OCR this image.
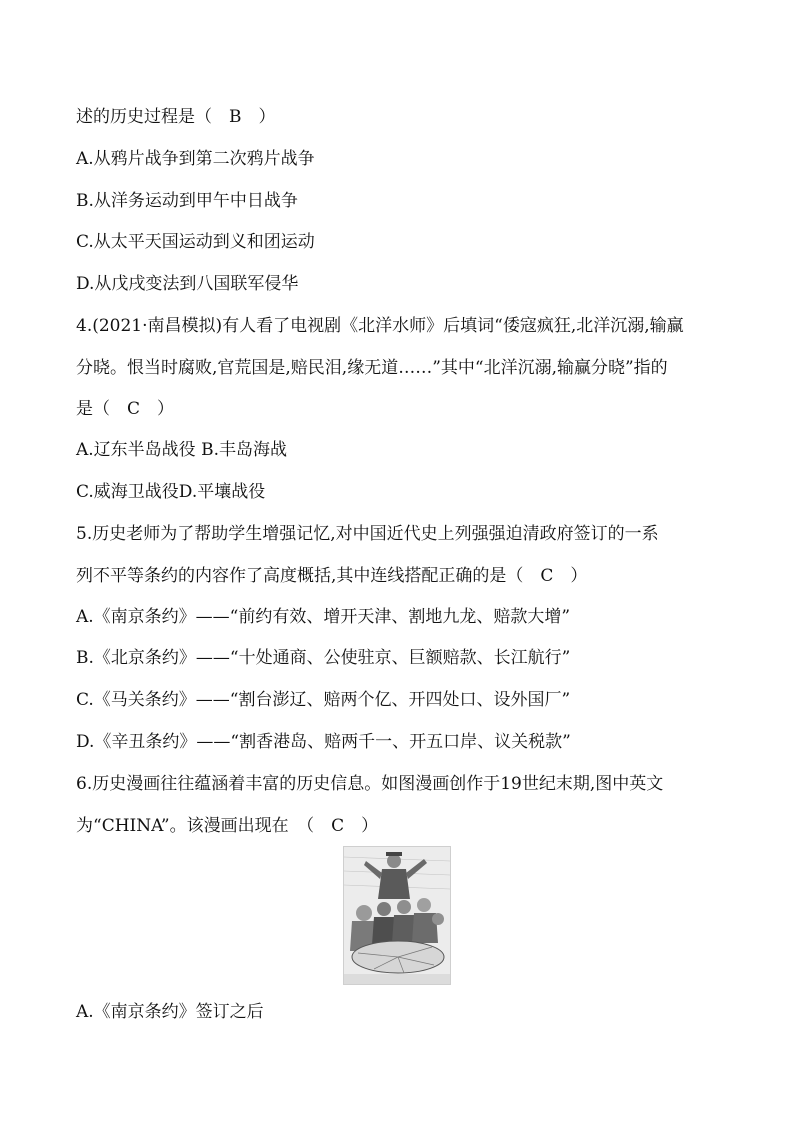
述的历史过程是（　B　）
A.从鸦片战争到第二次鸦片战争
B.从洋务运动到甲午中日战争
C.从太平天国运动到义和团运动
D.从戊戌变法到八国联军侵华
4.(2021·南昌模拟)有人看了电视剧《北洋水师》后填词“倭寇疯狂,北洋沉溺,输赢
分晓。恨当时腐败,官荒国是,赔民泪,缘无道……”其中“北洋沉溺,输赢分晓”指的
是（　C　）
A.辽东半岛战役 B.丰岛海战
C.威海卫战役D.平壤战役
5.历史老师为了帮助学生增强记忆,对中国近代史上列强强迫清政府签订的一系
列不平等条约的内容作了高度概括,其中连线搭配正确的是（　C　）
A.《南京条约》——“前约有效、增开天津、割地九龙、赔款大增”
B.《北京条约》——“十处通商、公使驻京、巨额赔款、长江航行”
C.《马关条约》——“割台澎辽、赔两个亿、开四处口、设外国厂”
D.《辛丑条约》——“割香港岛、赔两千一、开五口岸、议关税款”
6.历史漫画往往蕴涵着丰富的历史信息。如图漫画创作于19世纪末期,图中英文
为“CHINA”。该漫画出现在　（　C　）
A.《南京条约》签订之后
